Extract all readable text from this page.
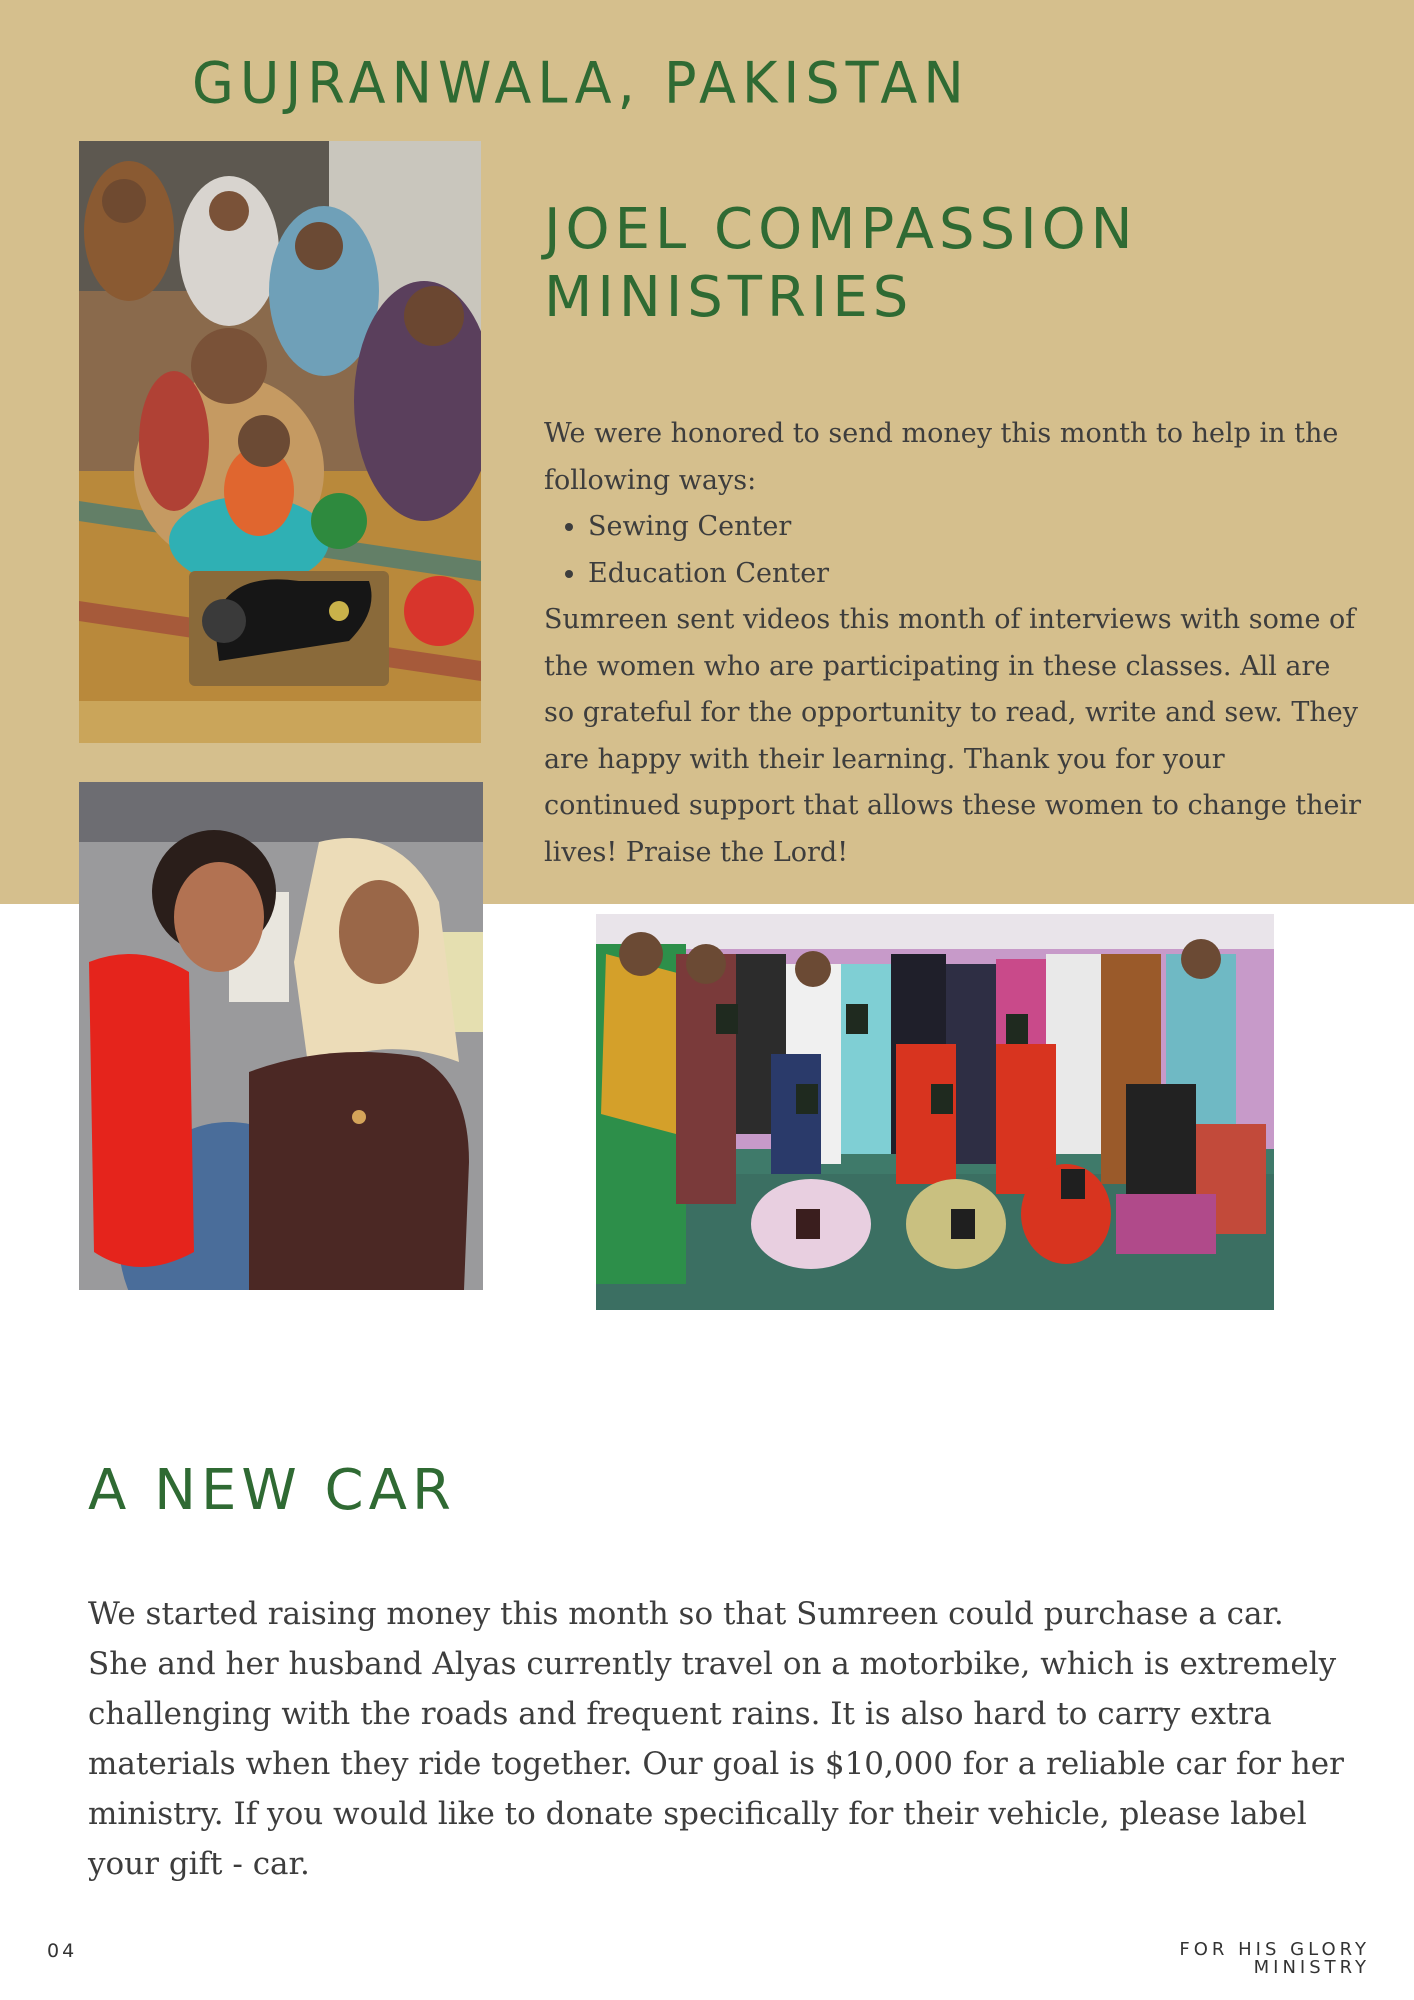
GUJRANWALA, PAKISTAN
JOEL COMPASSION MINISTRIES

We were honored to send money this month to help in the following ways:

• Sewing Center
• Education Center

Sumreen sent videos this month of interviews with some of the women who are participating in these classes. All are so grateful for the opportunity to read, write and sew. They are happy with their learning. Thank you for your continued support that allows these women to change their lives! Praise the Lord!

A NEW CAR

We started raising money this month so that Sumreen could purchase a car. She and her husband Alyas currently travel on a motorbike, which is extremely challenging with the roads and frequent rains. It is also hard to carry extra materials when they ride together. Our goal is $10,000 for a reliable car for her ministry. If you would like to donate specifically for their vehicle, please label your gift - car.

04	FOR HIS GLORY
MINISTRY
